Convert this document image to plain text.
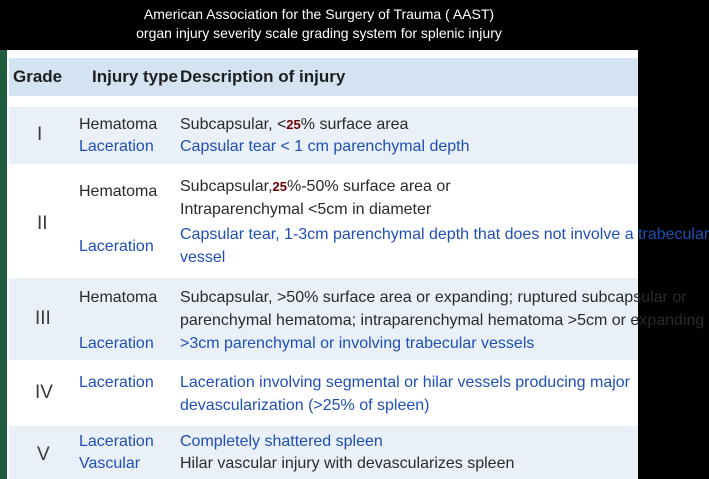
American Association for the Surgery of Trauma ( AAST)
organ injury severity scale grading system for splenic injury
Grade Injury type Description of injury
I Hematoma
Laceration
Subcapsular, <25% surface area
Capsular tear < 1 cm parenchymal depth
II
Hematoma
Laceration
Subcapsular,25%-50% surface area or
Intraparenchymal <5cm in diameter
Capsular tear, 1-3cm parenchymal depth that does not involve a trabecular
vessel
III
Hematoma
Laceration
Subcapsular, >50% surface area or expanding; ruptured subcapsular or
parenchymal hematoma; intraparenchymal hematoma >5cm or expanding
>3cm parenchymal or involving trabecular vessels
IV Laceration Laceration involving segmental or hilar vessels producing major
devascularization (>25% of spleen)
V
Laceration
Vascular
Completely shattered spleen
Hilar vascular injury with devascularizes spleen
